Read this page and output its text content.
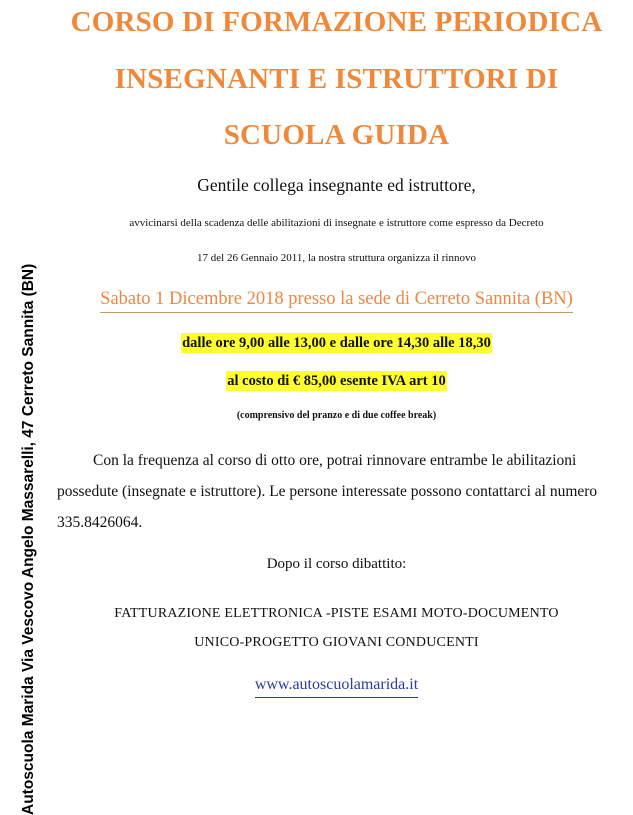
Autoscuola Marida Via Vescovo Angelo Massarelli, 47 Cerreto Sannita (BN)
CORSO DI FORMAZIONE PERIODICA
INSEGNANTI E ISTRUTTORI DI
SCUOLA GUIDA
Gentile collega insegnante ed istruttore,
avvicinarsi della scadenza delle abilitazioni di insegnate e istruttore come espresso da Decreto
17 del 26 Gennaio 2011, la nostra struttura organizza il rinnovo
Sabato 1 Dicembre 2018 presso la sede di Cerreto Sannita (BN)
dalle ore 9,00 alle 13,00 e dalle ore 14,30 alle 18,30
al costo di € 85,00 esente IVA art 10
(comprensivo del pranzo e di due coffee break)
Con la frequenza al corso di otto ore, potrai rinnovare entrambe le abilitazioni possedute (insegnate e istruttore). Le persone interessate possono contattarci al numero 335.8426064.
Dopo il corso dibattito:
FATTURAZIONE ELETTRONICA -PISTE ESAMI MOTO-DOCUMENTO
UNICO-PROGETTO GIOVANI CONDUCENTI
www.autoscuolamarida.it
